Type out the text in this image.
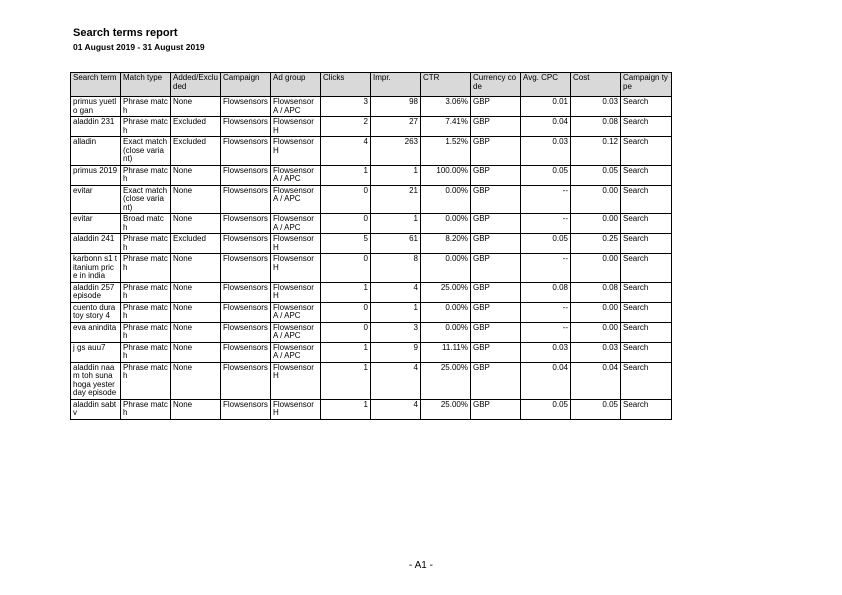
Search terms report
01 August 2019 - 31 August 2019
Search term	Match type	Added/Excluded	Campaign	Ad group	Clicks	Impr.	CTR	Currency code	Avg. CPC	Cost	Campaign type
primus yuetlo gan	Phrase match	None	Flowsensors	Flowsensor A / APC	3	98	3.06%	GBP	0.01	0.03	Search
aladdin 231	Phrase match	Excluded	Flowsensors	Flowsensor H	2	27	7.41%	GBP	0.04	0.08	Search
alladin	Exact match (close variant)	Excluded	Flowsensors	Flowsensor H	4	263	1.52%	GBP	0.03	0.12	Search
primus 2019	Phrase match	None	Flowsensors	Flowsensor A / APC	1	1	100.00%	GBP	0.05	0.05	Search
evitar	Exact match (close variant)	None	Flowsensors	Flowsensor A / APC	0	21	0.00%	GBP	--	0.00	Search
evitar	Broad match	None	Flowsensors	Flowsensor A / APC	0	1	0.00%	GBP	--	0.00	Search
aladdin 241	Phrase match	Excluded	Flowsensors	Flowsensor H	5	61	8.20%	GBP	0.05	0.25	Search
karbonn s1 titanium price in india	Phrase match	None	Flowsensors	Flowsensor H	0	8	0.00%	GBP	--	0.00	Search
aladdin 257episode	Phrase match	None	Flowsensors	Flowsensor H	1	4	25.00%	GBP	0.08	0.08	Search
cuento dura toy story 4	Phrase match	None	Flowsensors	Flowsensor A / APC	0	1	0.00%	GBP	--	0.00	Search
eva anindita	Phrase match	None	Flowsensors	Flowsensor A / APC	0	3	0.00%	GBP	--	0.00	Search
j gs auu7	Phrase match	None	Flowsensors	Flowsensor A / APC	1	9	11.11%	GBP	0.03	0.03	Search
aladdin naam toh suna hoga yesterday episode	Phrase match	None	Flowsensors	Flowsensor H	1	4	25.00%	GBP	0.04	0.04	Search
aladdin sabtv	Phrase match	None	Flowsensors	Flowsensor H	1	4	25.00%	GBP	0.05	0.05	Search
- A1 -
